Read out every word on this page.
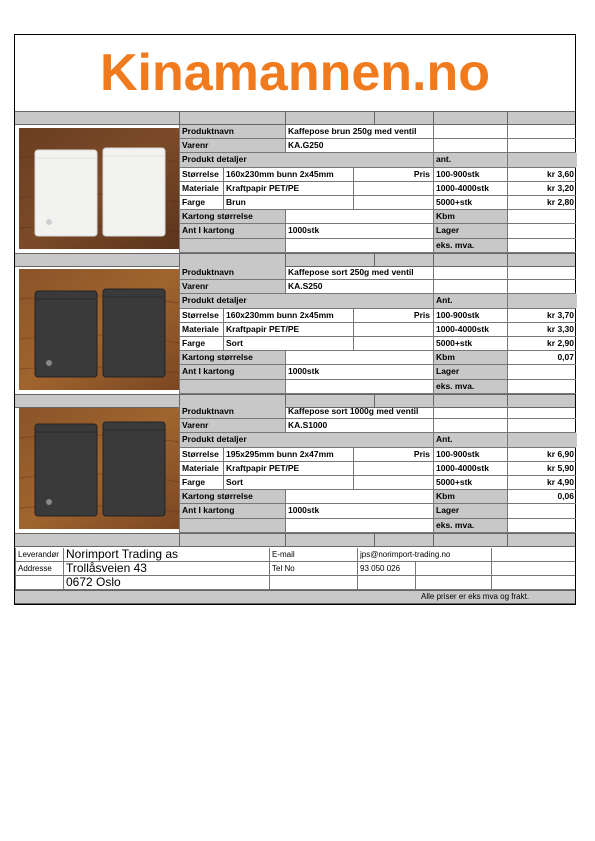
Kinamannen.no
Produktnavn	Kaffepose brun 250g med ventil
Varenr	KA.G250
Produkt detaljer	ant.
Størrelse 160x230mm bunn 2x45mm	Pris 100-900stk	kr 3,60
Materiale Kraftpapir PET/PE	1000-4000stk	kr 3,20
Farge	Brun	5000+stk	kr 2,80
Kartong størrelse	Kbm
Ant I kartong	1000stk	Lager
eks. mva.
Produktnavn	Kaffepose sort 250g med ventil
Varenr	KA.S250
Produkt detaljer	Ant.
Størrelse 160x230mm bunn 2x45mm	Pris 100-900stk	kr 3,70
Materiale Kraftpapir PET/PE	1000-4000stk	kr 3,30
Farge	Sort	5000+stk	kr 2,90
Kartong størrelse	Kbm	0,07
Ant I kartong	1000stk	Lager
eks. mva.
Produktnavn	Kaffepose sort 1000g med ventil
Varenr	KA.S1000
Produkt detaljer	Ant.
Størrelse 195x295mm bunn 2x47mm	Pris 100-900stk	kr 6,90
Materiale Kraftpapir PET/PE	1000-4000stk	kr 5,90
Farge	Sort	5000+stk	kr 4,90
Kartong størrelse	Kbm	0,06
Ant I kartong	1000stk	Lager
eks. mva.
Leverandør Norimport Trading as	E-mail	jps@norimport-trading.no
Addresse	Trollåsveien 43	Tel No	93 050 026
0672 Oslo
Alle priser er eks mva og frakt.
